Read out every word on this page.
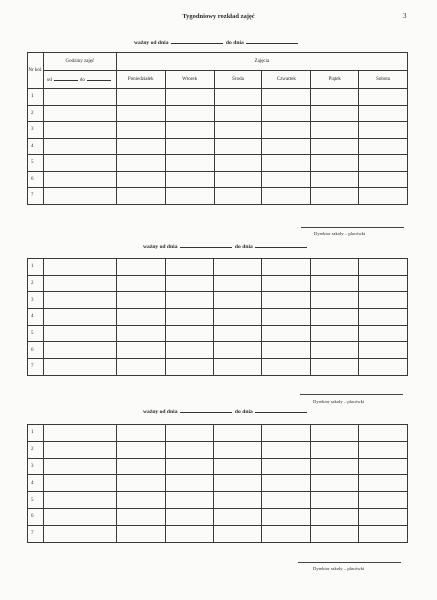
Tygodniowy rozkład zajęć	3
ważny od dnia	do dnia
Nr kol.	Godziny zajęć	Zajęcia					
	od do	Poniedziałek	Wtorek	Środa	Czwartek	Piątek	Sobota
1							
2							
3							
4							
5							
6							
7							
Dyrektor szkoły – placówki
ważny od dnia	do dnia
1							
2							
3							
4							
5							
6							
7							
Dyrektor szkoły – placówki
ważny od dnia	do dnia
1							
2							
3							
4							
5							
6							
7							
Dyrektor szkoły – placówki
